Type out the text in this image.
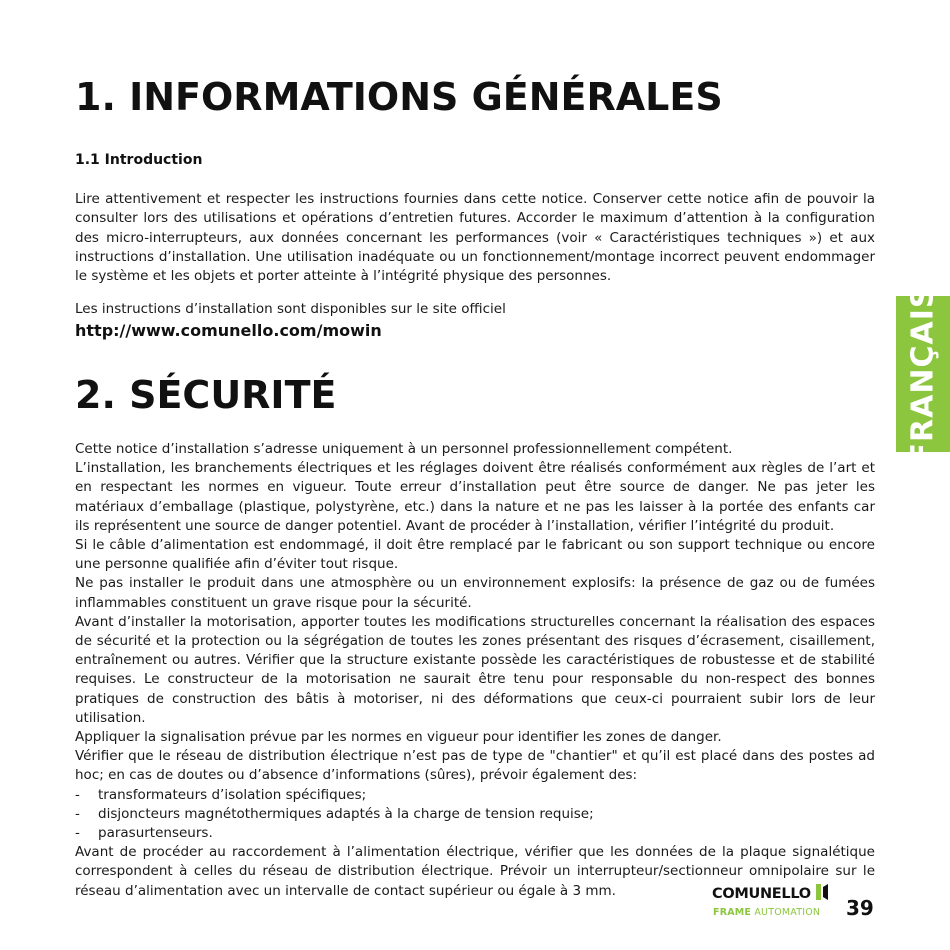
1. INFORMATIONS GÉNÉRALES
1.1 Introduction

Lire attentivement et respecter les instructions fournies dans cette notice. Conserver cette notice afin de pouvoir la consulter lors des utilisations et opérations d’entretien futures. Accorder le maximum d’attention à la configuration des micro-interrupteurs, aux données concernant les performances (voir « Caractéristiques techniques ») et aux instructions d’installation. Une utilisation inadéquate ou un fonctionnement/montage incorrect peuvent endommager le système et les objets et porter atteinte à l’intégrité physique des personnes.

Les instructions d’installation sont disponibles sur le site officiel

http://www.comunello.com/mowin
2. SÉCURITÉ

Cette notice d’installation s’adresse uniquement à un personnel professionnellement compétent.

L’installation, les branchements électriques et les réglages doivent être réalisés conformément aux règles de l’art et en respectant les normes en vigueur. Toute erreur d’installation peut être source de danger. Ne pas jeter les matériaux d’emballage (plastique, polystyrène, etc.) dans la nature et ne pas les laisser à la portée des enfants car ils représentent une source de danger potentiel. Avant de procéder à l’installation, vérifier l’intégrité du produit.

Si le câble d’alimentation est endommagé, il doit être remplacé par le fabricant ou son support technique ou encore une personne qualifiée afin d’éviter tout risque.

Ne pas installer le produit dans une atmosphère ou un environnement explosifs: la présence de gaz ou de fumées inflammables constituent un grave risque pour la sécurité.

Avant d’installer la motorisation, apporter toutes les modifications structurelles concernant la réalisation des espaces de sécurité et la protection ou la ségrégation de toutes les zones présentant des risques d’écrasement, cisaillement, entraînement ou autres. Vérifier que la structure existante possède les caractéristiques de robustesse et de stabilité requises. Le constructeur de la motorisation ne saurait être tenu pour responsable du non-respect des bonnes pratiques de construction des bâtis à motoriser, ni des déformations que ceux-ci pourraient subir lors de leur utilisation.

Appliquer la signalisation prévue par les normes en vigueur pour identifier les zones de danger.

Vérifier que le réseau de distribution électrique n’est pas de type de "chantier" et qu’il est placé dans des postes ad hoc; en cas de doutes ou d’absence d’informations (sûres), prévoir également des:

-	transformateurs d’isolation spécifiques;
-	disjoncteurs magnétothermiques adaptés à la charge de tension requise;
-	parasurtenseurs.

Avant de procéder au raccordement à l’alimentation électrique, vérifier que les données de la plaque signalétique correspondent à celles du réseau de distribution électrique. Prévoir un interrupteur/sectionneur omnipolaire sur le réseau d’alimentation avec un intervalle de contact supérieur ou égale à 3 mm.

FRANÇAIS
COMUNELLO
FRAME AUTOMATION 39
